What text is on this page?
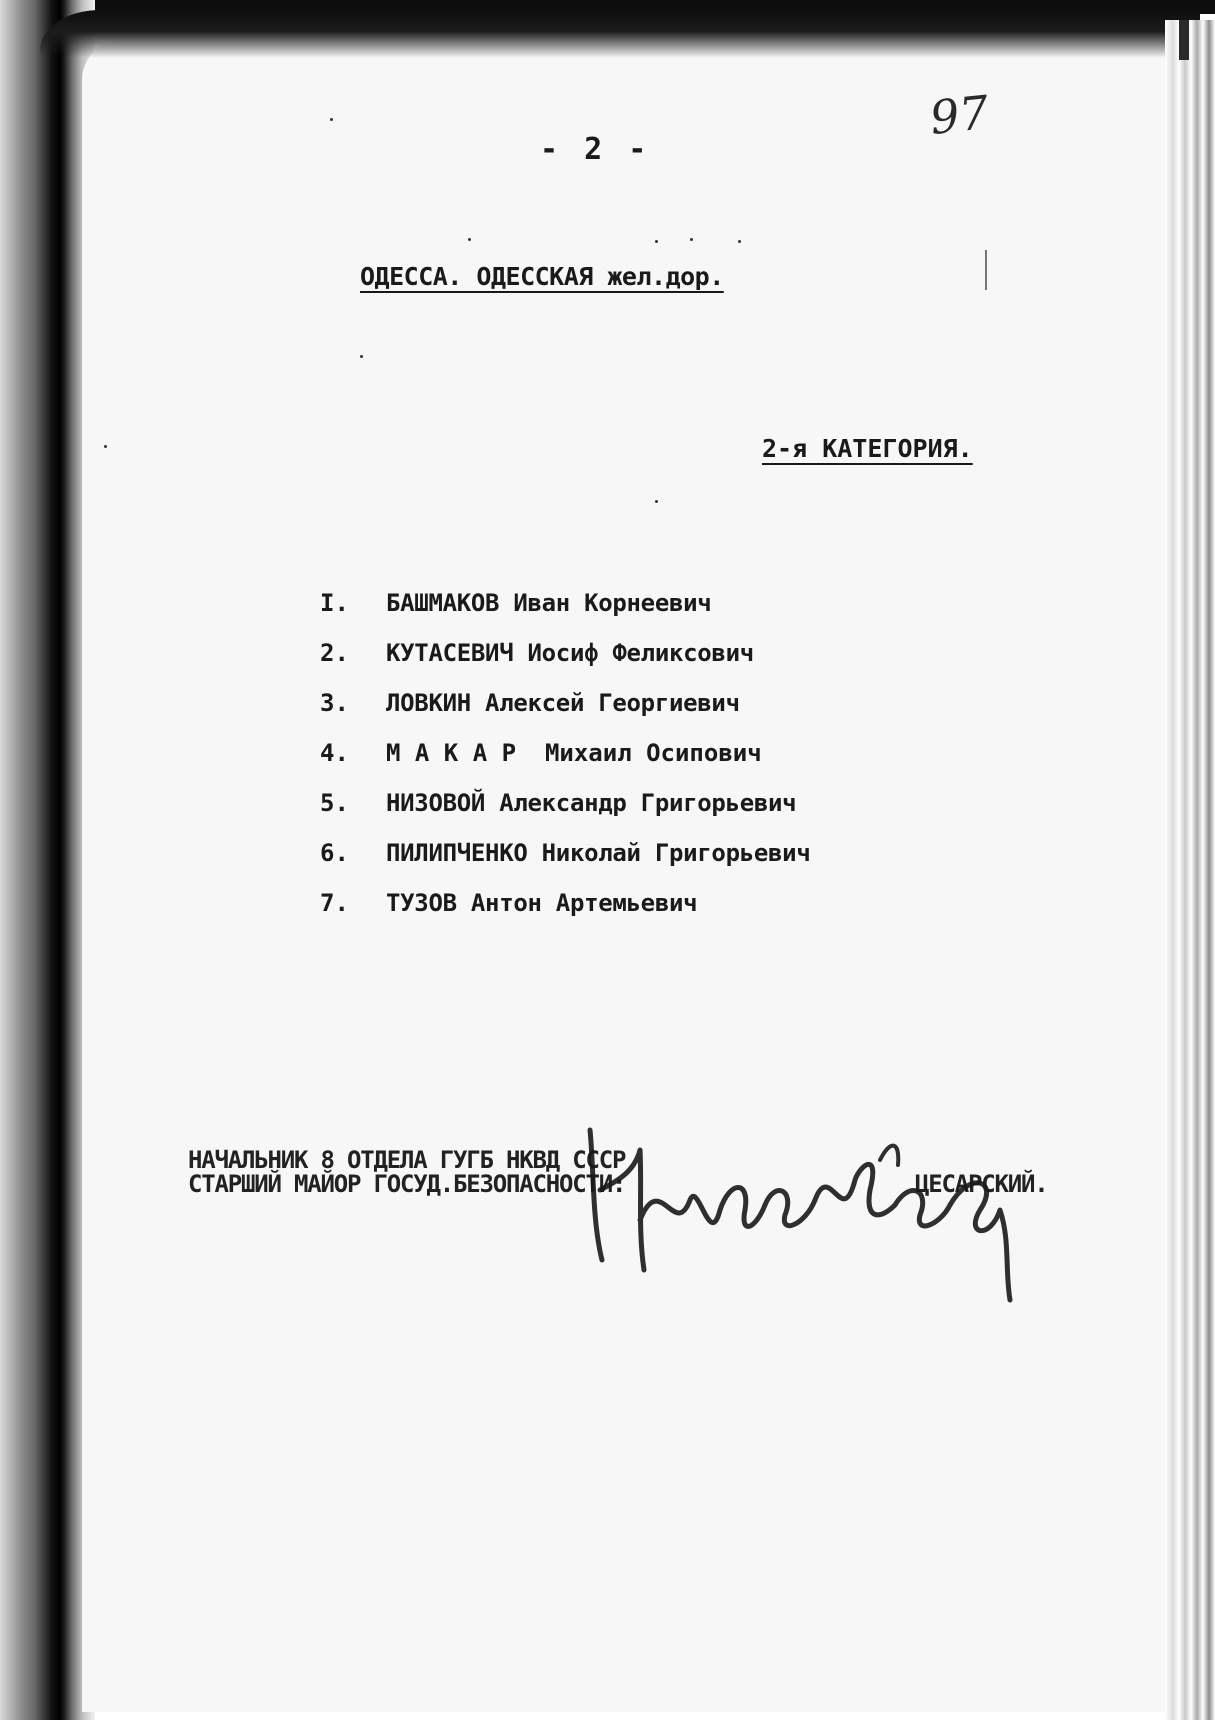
- 2 -
97
ОДЕССА. ОДЕССКАЯ жел.дор.
2-я КАТЕГОРИЯ.
I.	БАШМАКОВ Иван Корнеевич
2.	КУТАСЕВИЧ Иосиф Феликсович
3.	ЛОВКИН Алексей Георгиевич
4.	М А К А Р  Михаил Осипович
5.	НИЗОВОЙ Александр Григорьевич
6.	ПИЛИПЧЕНКО Николай Григорьевич
7.	ТУЗОВ Антон Артемьевич
НАЧАЛЬНИК 8 ОТДЕЛА ГУГБ НКВД СССР
СТАРШИЙ МАЙОР ГОСУД.БЕЗОПАСНОСТИ:	ЦЕСАРСКИЙ.
